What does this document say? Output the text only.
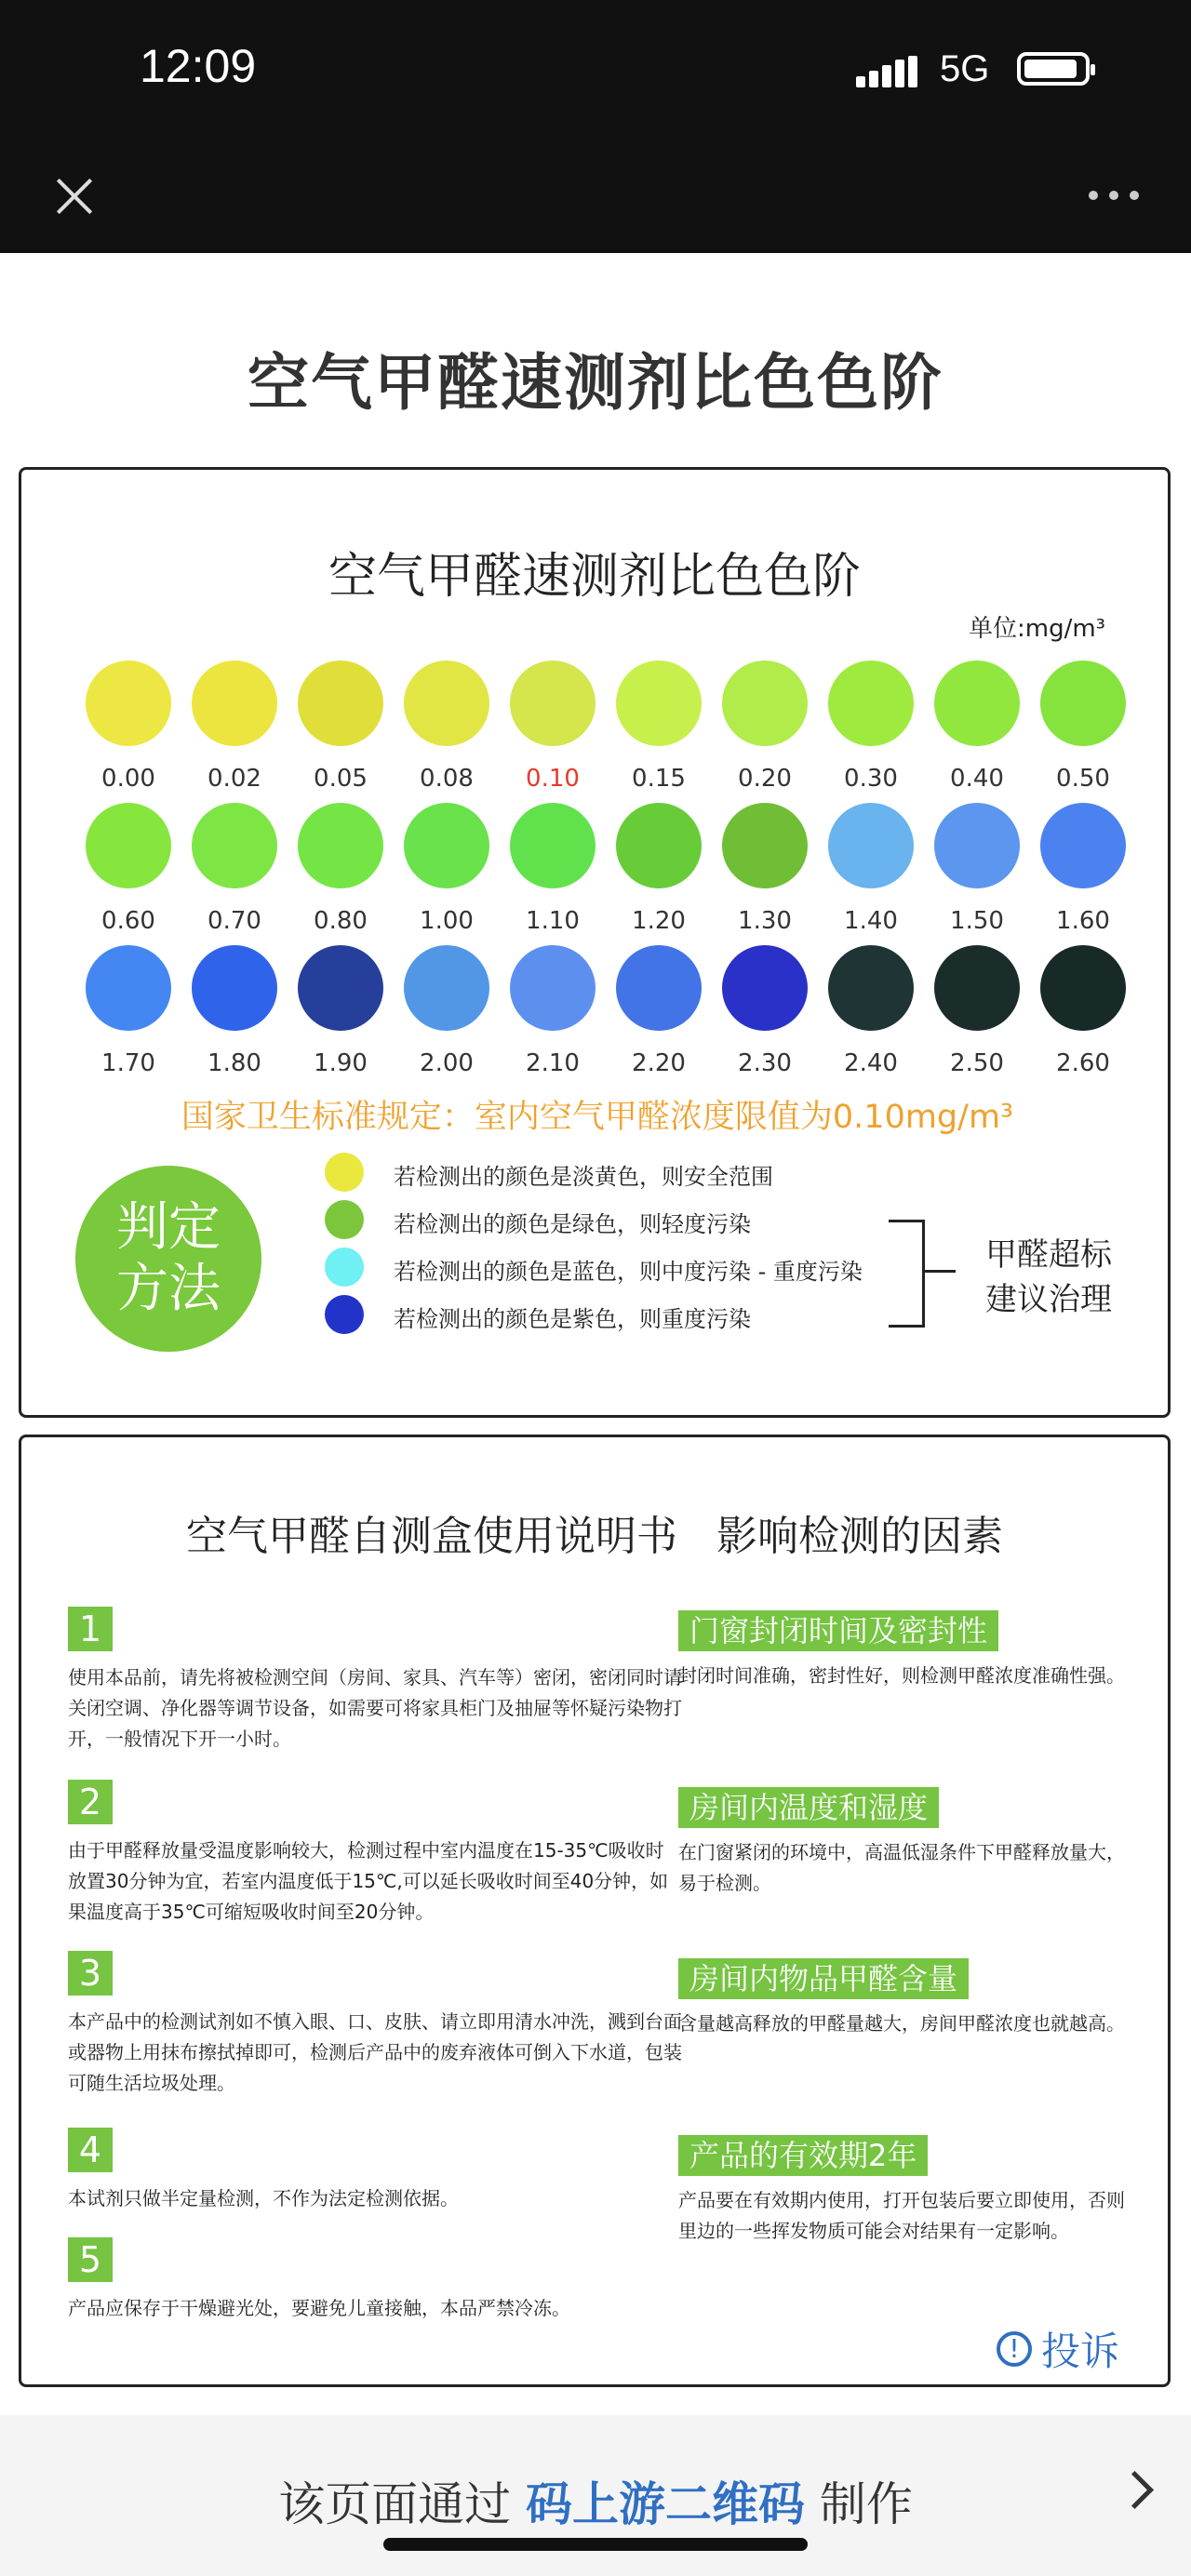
12:09	5G
空气甲醛速测剂比色色阶
空气甲醛速测剂比色色阶
单位:mg/m³
0.00	0.02	0.05	0.08	0.10	0.15	0.20	0.30	0.40	0.50
0.60	0.70	0.80	1.00	1.10	1.20	1.30	1.40	1.50	1.60
1.70	1.80	1.90	2.00	2.10	2.20	2.30	2.40	2.50	2.60
国家卫生标准规定：室内空气甲醛浓度限值为0.10mg/m³
判定
方法
若检测出的颜色是淡黄色，则安全范围
若检测出的颜色是绿色，则轻度污染
若检测出的颜色是蓝色，则中度污染 - 重度污染
若检测出的颜色是紫色，则重度污染
甲醛超标
建议治理
空气甲醛自测盒使用说明书   影响检测的因素
1
使用本品前，请先将被检测空间（房间、家具、汽车等）密闭，密闭同时请关闭空调、净化器等调节设备，如需要可将家具柜门及抽屉等怀疑污染物打开，一般情况下开一小时。
2
由于甲醛释放量受温度影响较大，检测过程中室内温度在15-35℃吸收时放置30分钟为宜，若室内温度低于15℃,可以延长吸收时间至40分钟，如果温度高于35℃可缩短吸收时间至20分钟。
3
本产品中的检测试剂如不慎入眼、口、皮肤、请立即用清水冲洗，溅到台面或器物上用抹布擦拭掉即可，检测后产品中的废弃液体可倒入下水道，包装可随生活垃圾处理。
4
本试剂只做半定量检测，不作为法定检测依据。
5
产品应保存于干燥避光处，要避免儿童接触，本品严禁冷冻。
门窗封闭时间及密封性
封闭时间准确，密封性好，则检测甲醛浓度准确性强。
房间内温度和湿度
在门窗紧闭的环境中，高温低湿条件下甲醛释放量大，易于检测。
房间内物品甲醛含量
含量越高释放的甲醛量越大，房间甲醛浓度也就越高。
产品的有效期2年
产品要在有效期内使用，打开包装后要立即使用，否则里边的一些挥发物质可能会对结果有一定影响。
! 投诉
该页面通过 码上游二维码 制作
